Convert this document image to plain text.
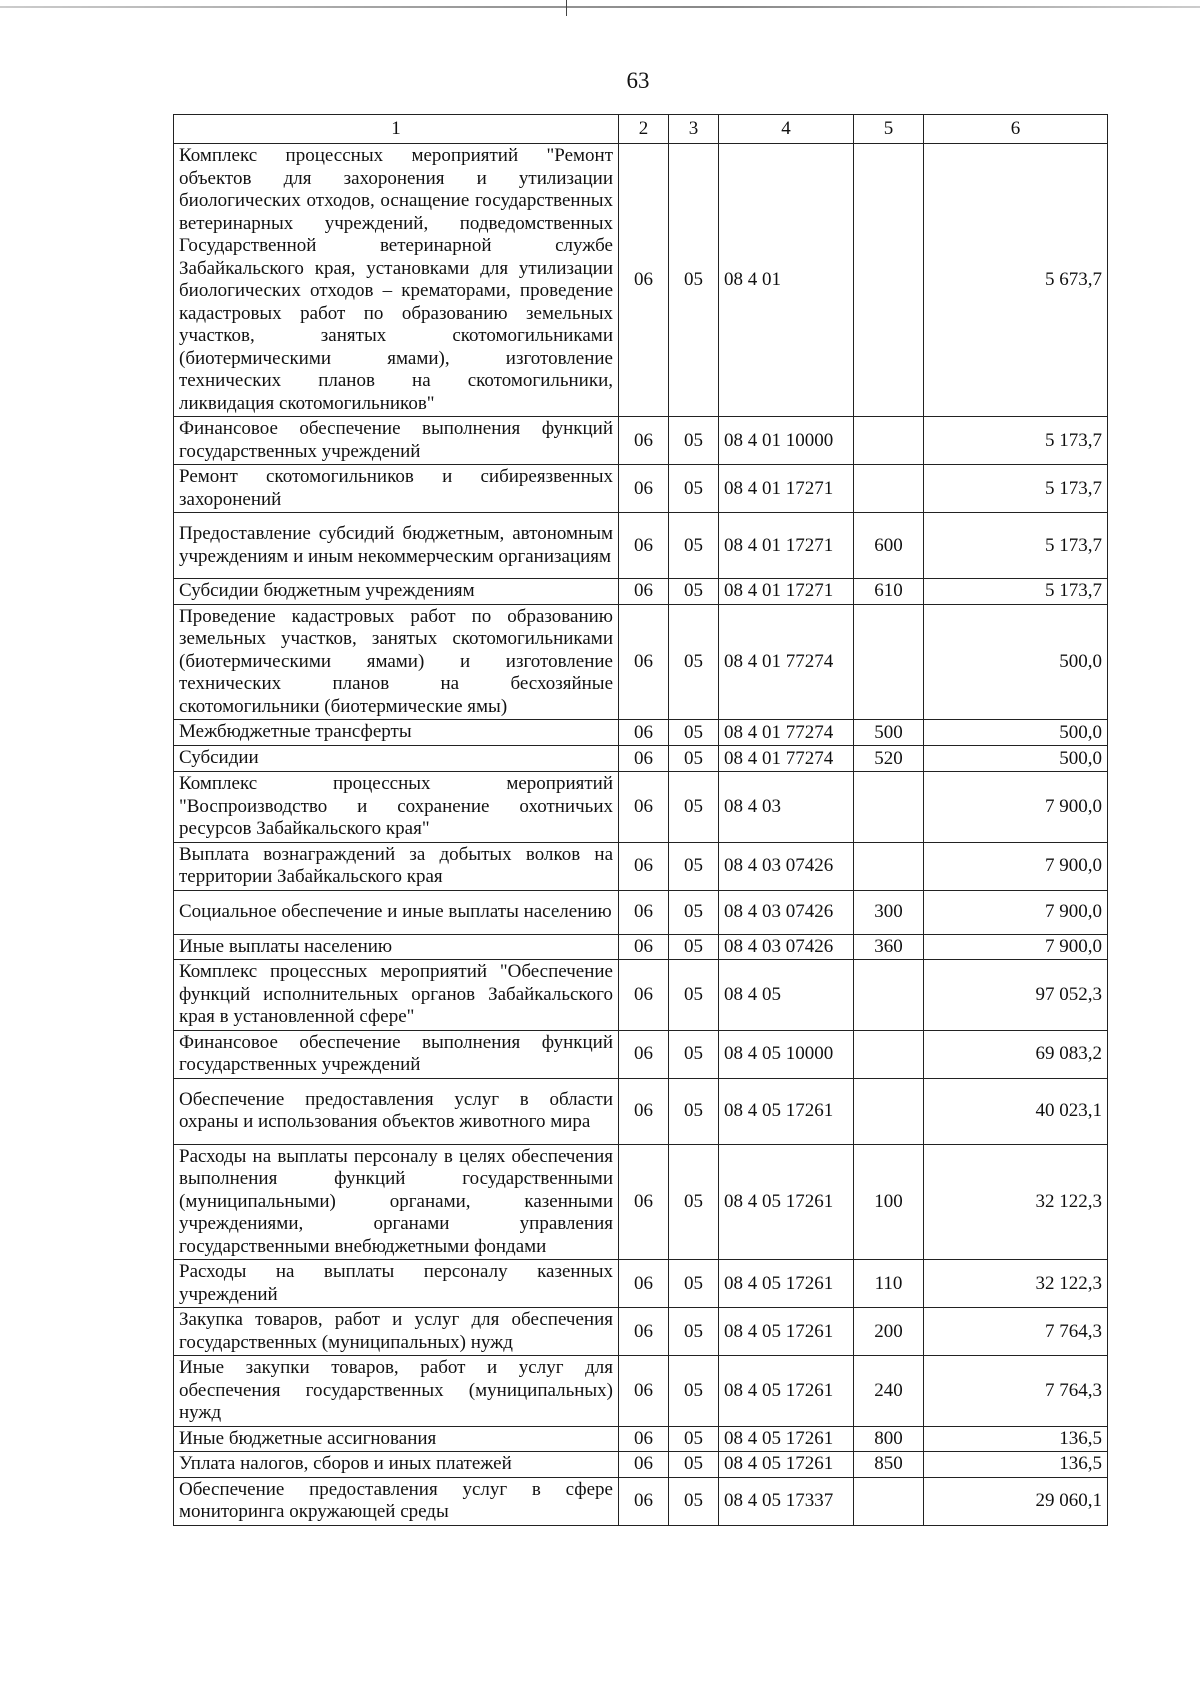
63
1	2	3	4	5	6
Комплекс процессных мероприятий "Ремонт объектов для захоронения и утилизации биологических отходов, оснащение государственных ветеринарных учреждений, подведомственных Государственной ветеринарной службе Забайкальского края, установками для утилизации биологических отходов – крематорами, проведение кадастровых работ по образованию земельных участков, занятых скотомогильниками (биотермическими ямами), изготовление технических планов на скотомогильники, ликвидация скотомогильников"	06	05	08 4 01		5 673,7
Финансовое обеспечение выполнения функций государственных учреждений	06	05	08 4 01 10000		5 173,7
Ремонт скотомогильников и сибиреязвенных захоронений	06	05	08 4 01 17271		5 173,7
Предоставление субсидий бюджетным, автономным учреждениям и иным некоммерческим организациям	06	05	08 4 01 17271	600	5 173,7
Субсидии бюджетным учреждениям	06	05	08 4 01 17271	610	5 173,7
Проведение кадастровых работ по образованию земельных участков, занятых скотомогильниками (биотермическими ямами) и изготовление технических планов на бесхозяйные скотомогильники (биотермические ямы)	06	05	08 4 01 77274		500,0
Межбюджетные трансферты	06	05	08 4 01 77274	500	500,0
Субсидии	06	05	08 4 01 77274	520	500,0
Комплекс процессных мероприятий "Воспроизводство и сохранение охотничьих ресурсов Забайкальского края"	06	05	08 4 03		7 900,0
Выплата вознаграждений за добытых волков на территории Забайкальского края	06	05	08 4 03 07426		7 900,0
Социальное обеспечение и иные выплаты населению	06	05	08 4 03 07426	300	7 900,0
Иные выплаты населению	06	05	08 4 03 07426	360	7 900,0
Комплекс процессных мероприятий "Обеспечение функций исполнительных органов Забайкальского края в установленной сфере"	06	05	08 4 05		97 052,3
Финансовое обеспечение выполнения функций государственных учреждений	06	05	08 4 05 10000		69 083,2
Обеспечение предоставления услуг в области охраны и использования объектов животного мира	06	05	08 4 05 17261		40 023,1
Расходы на выплаты персоналу в целях обеспечения выполнения функций государственными (муниципальными) органами, казенными учреждениями, органами управления государственными внебюджетными фондами	06	05	08 4 05 17261	100	32 122,3
Расходы на выплаты персоналу казенных учреждений	06	05	08 4 05 17261	110	32 122,3
Закупка товаров, работ и услуг для обеспечения государственных (муниципальных) нужд	06	05	08 4 05 17261	200	7 764,3
Иные закупки товаров, работ и услуг для обеспечения государственных (муниципальных) нужд	06	05	08 4 05 17261	240	7 764,3
Иные бюджетные ассигнования	06	05	08 4 05 17261	800	136,5
Уплата налогов, сборов и иных платежей	06	05	08 4 05 17261	850	136,5
Обеспечение предоставления услуг в сфере мониторинга окружающей среды	06	05	08 4 05 17337		29 060,1
